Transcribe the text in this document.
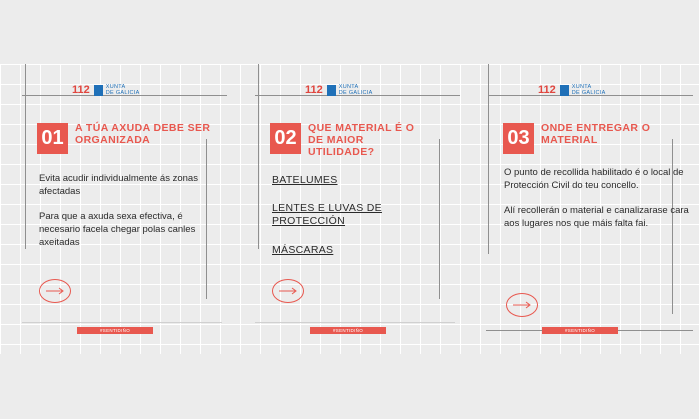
112	XUNTA
DE GALICIA
01	A TÚA AXUDA DEBE SER ORGANIZADA

Evita acudir individualmente ás zonas afectadas

Para que a axuda sexa efectiva, é necesario facela chegar polas canles axeitadas

#SENTIDIÑO
112	XUNTA
DE GALICIA
02	QUE MATERIAL É O DE MAIOR UTILIDADE?
BATELUMES
LENTES E LUVAS DE PROTECCIÓN
MÁSCARAS
#SENTIDIÑO
112	XUNTA
DE GALICIA
03	ONDE ENTREGAR O MATERIAL

O punto de recollida habilitado é o local de Protección Civil do teu concello.

Alí recollerán o material e canalizarase cara aos lugares nos que máis falta fai.

#SENTIDIÑO
